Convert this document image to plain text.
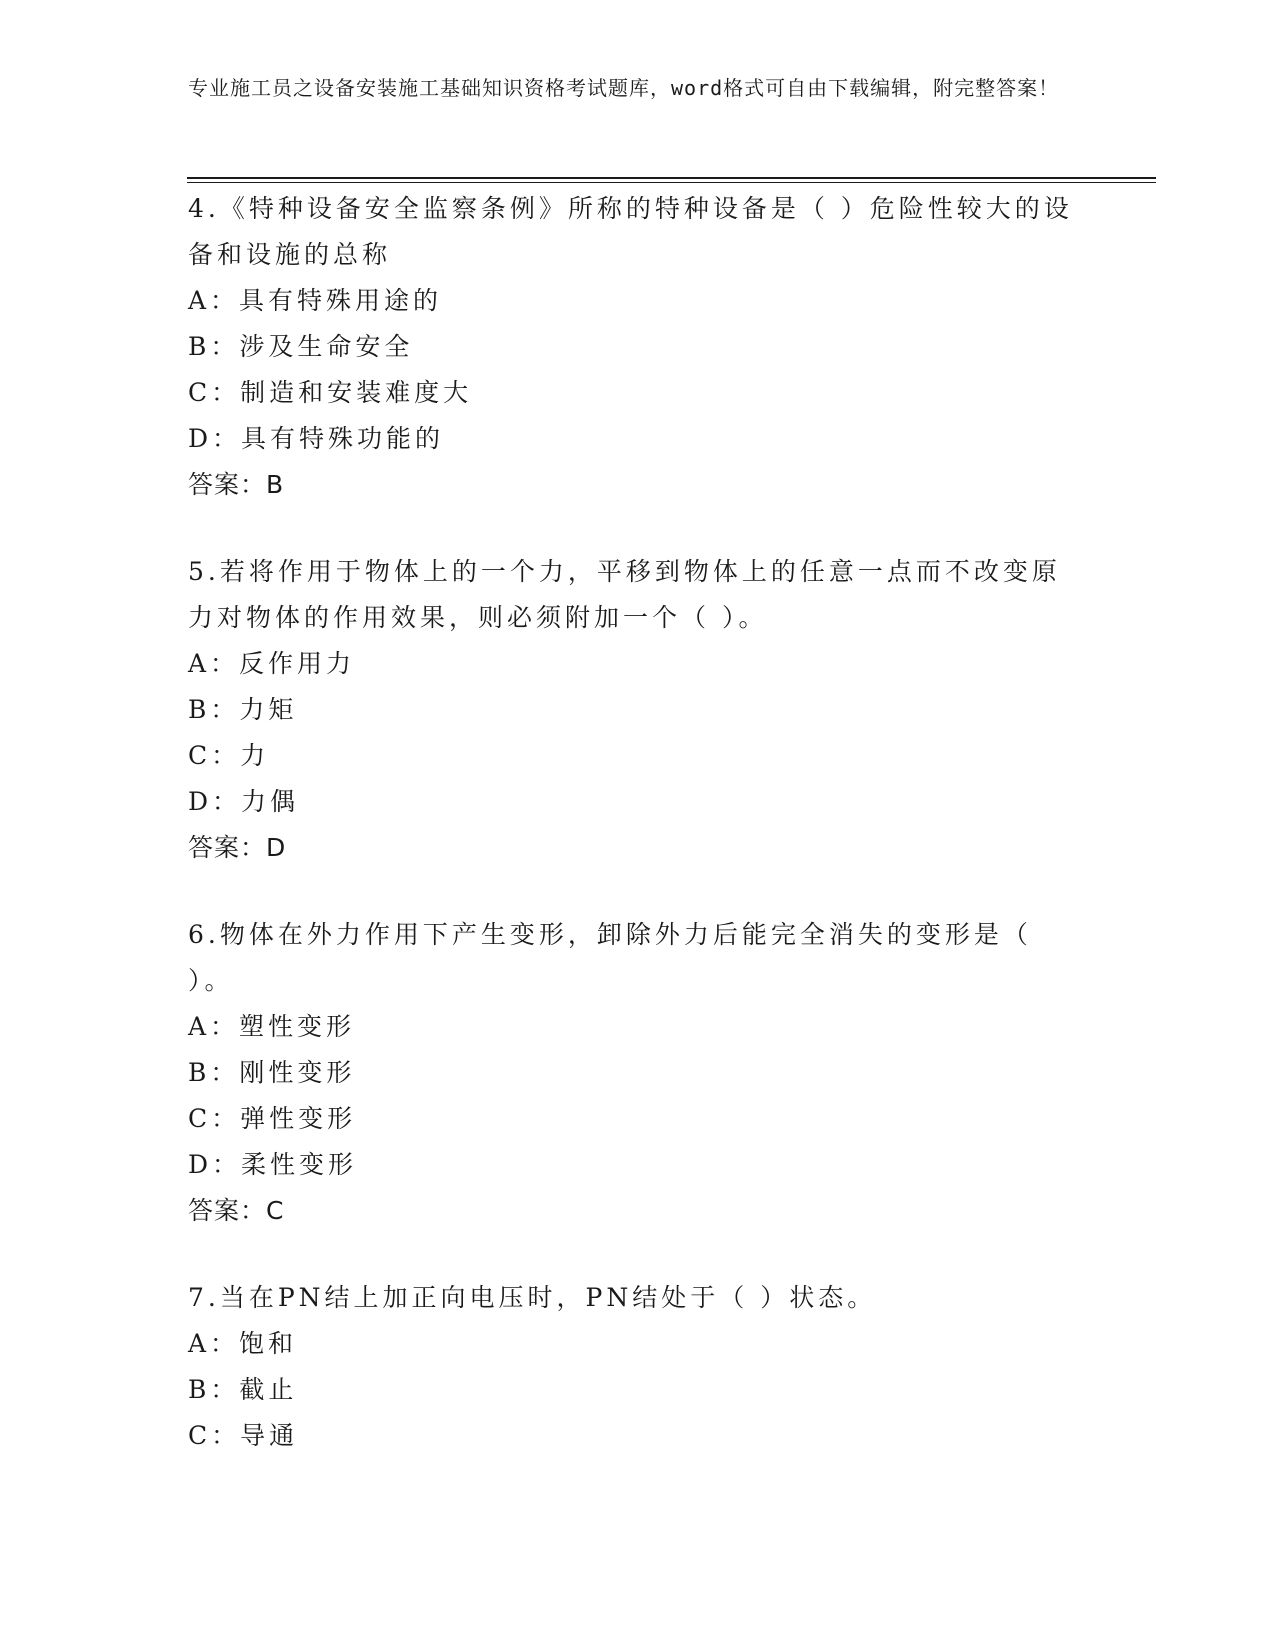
专业施工员之设备安装施工基础知识资格考试题库，word格式可自由下载编辑，附完整答案！

4.《特种设备安全监察条例》所称的特种设备是（ ）危险性较大的设备和设施的总称

A：具有特殊用途的

B：涉及生命安全

C：制造和安装难度大

D：具有特殊功能的

答案：B

5.若将作用于物体上的一个力，平移到物体上的任意一点而不改变原力对物体的作用效果，则必须附加一个（ ）。

A：反作用力

B：力矩

C：力

D：力偶

答案：D

6.物体在外力作用下产生变形，卸除外力后能完全消失的变形是（ ）。

A：塑性变形

B：刚性变形

C：弹性变形

D：柔性变形

答案：C

7.当在PN结上加正向电压时，PN结处于（ ）状态。

A：饱和

B：截止

C：导通
